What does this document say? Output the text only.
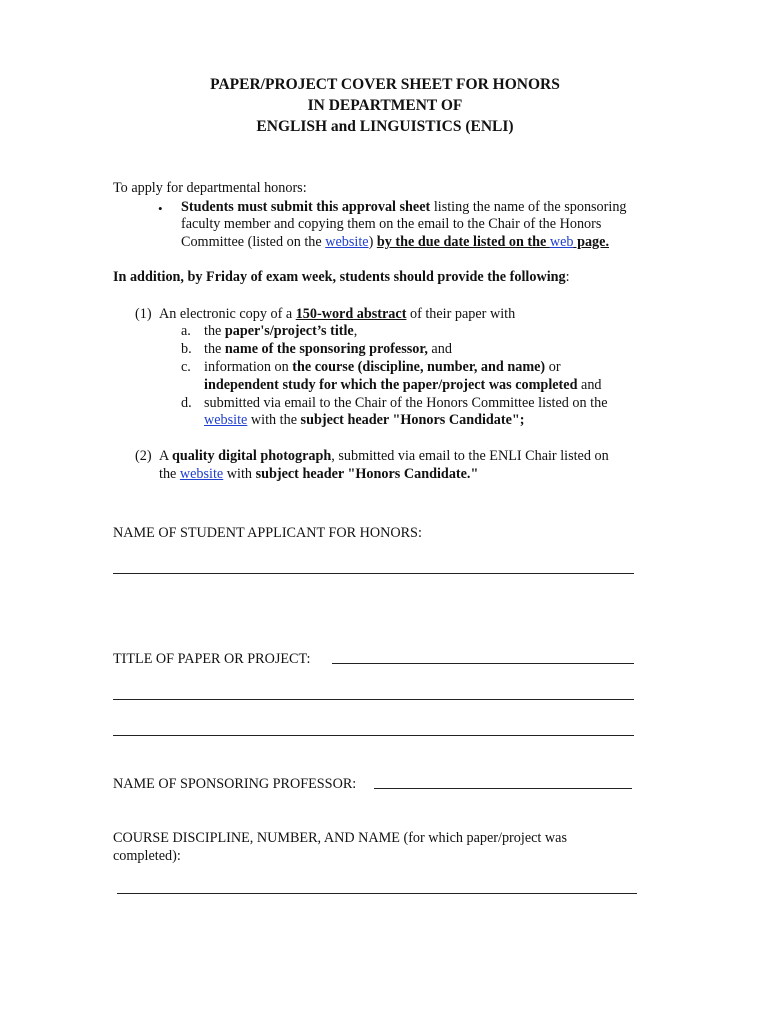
PAPER/PROJECT COVER SHEET FOR HONORS
IN DEPARTMENT OF
ENGLISH and LINGUISTICS (ENLI)
To apply for departmental honors:
• Students must submit this approval sheet listing the name of the sponsoring
faculty member and copying them on the email to the Chair of the Honors
Committee (listed on the website) by the due date listed on the web page.
In addition, by Friday of exam week, students should provide the following:
(1) An electronic copy of a 150-word abstract of their paper with
a. the paper's/project’s title,
b. the name of the sponsoring professor, and
c. information on the course (discipline, number, and name) or
independent study for which the paper/project was completed and
d. submitted via email to the Chair of the Honors Committee listed on the
website with the subject header "Honors Candidate";
(2) A quality digital photograph, submitted via email to the ENLI Chair listed on
the website with subject header "Honors Candidate."
NAME OF STUDENT APPLICANT FOR HONORS:
TITLE OF PAPER OR PROJECT:
NAME OF SPONSORING PROFESSOR:
COURSE DISCIPLINE, NUMBER, AND NAME (for which paper/project was
completed):
